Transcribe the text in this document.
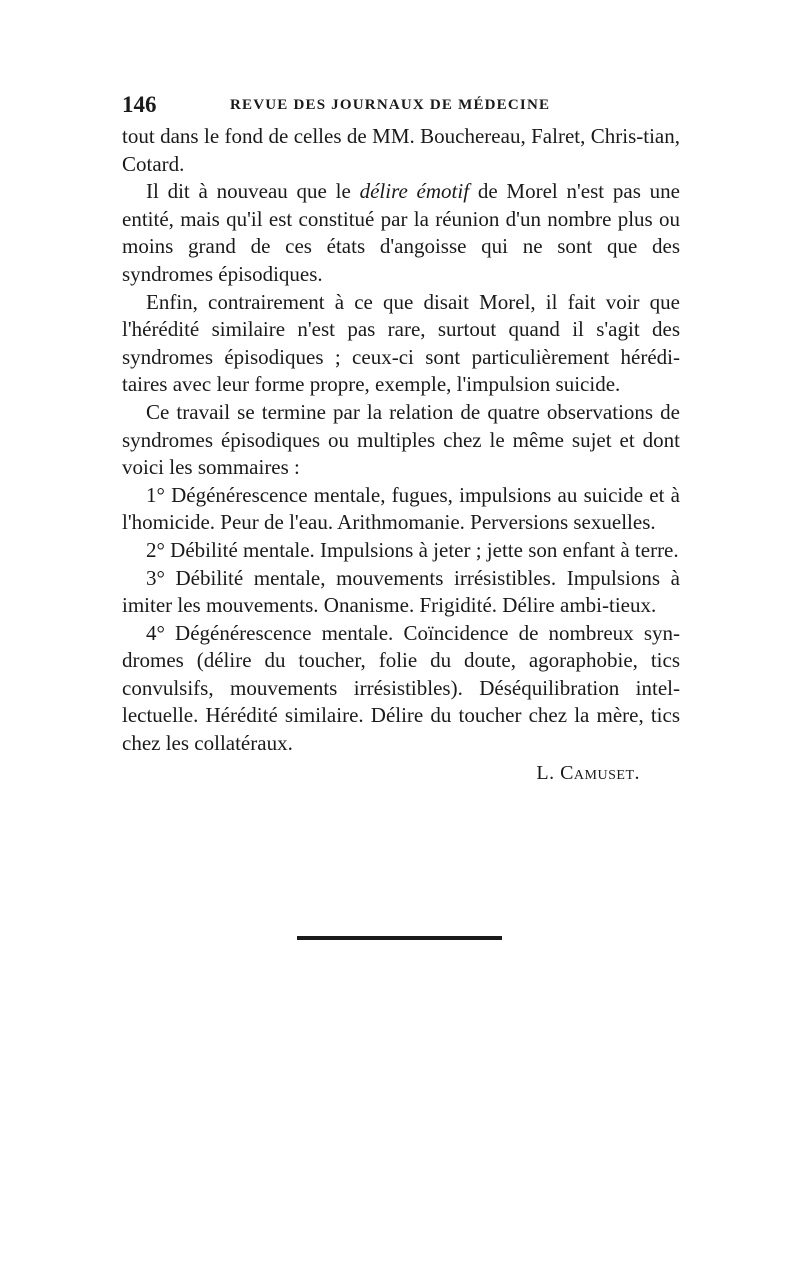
146	REVUE DES JOURNAUX DE MÉDECINE

tout dans le fond de celles de MM. Bouchereau, Falret, Chris-tian, Cotard.

Il dit à nouveau que le délire émotif de Morel n'est pas une entité, mais qu'il est constitué par la réunion d'un nombre plus ou moins grand de ces états d'angoisse qui ne sont que des syndromes épisodiques.

Enfin, contrairement à ce que disait Morel, il fait voir que l'hérédité similaire n'est pas rare, surtout quand il s'agit des syndromes épisodiques ; ceux-ci sont particulièrement hérédi-taires avec leur forme propre, exemple, l'impulsion suicide.

Ce travail se termine par la relation de quatre observations de syndromes épisodiques ou multiples chez le même sujet et dont voici les sommaires :

1° Dégénérescence mentale, fugues, impulsions au suicide et à l'homicide. Peur de l'eau. Arithmomanie. Perversions sexuelles.

2° Débilité mentale. Impulsions à jeter ; jette son enfant à terre.

3° Débilité mentale, mouvements irrésistibles. Impulsions à imiter les mouvements. Onanisme. Frigidité. Délire ambi-tieux.

4° Dégénérescence mentale. Coïncidence de nombreux syn-dromes (délire du toucher, folie du doute, agoraphobie, tics convulsifs, mouvements irrésistibles). Déséquilibration intel-lectuelle. Hérédité similaire. Délire du toucher chez la mère, tics chez les collatéraux.

L. Camuset.
